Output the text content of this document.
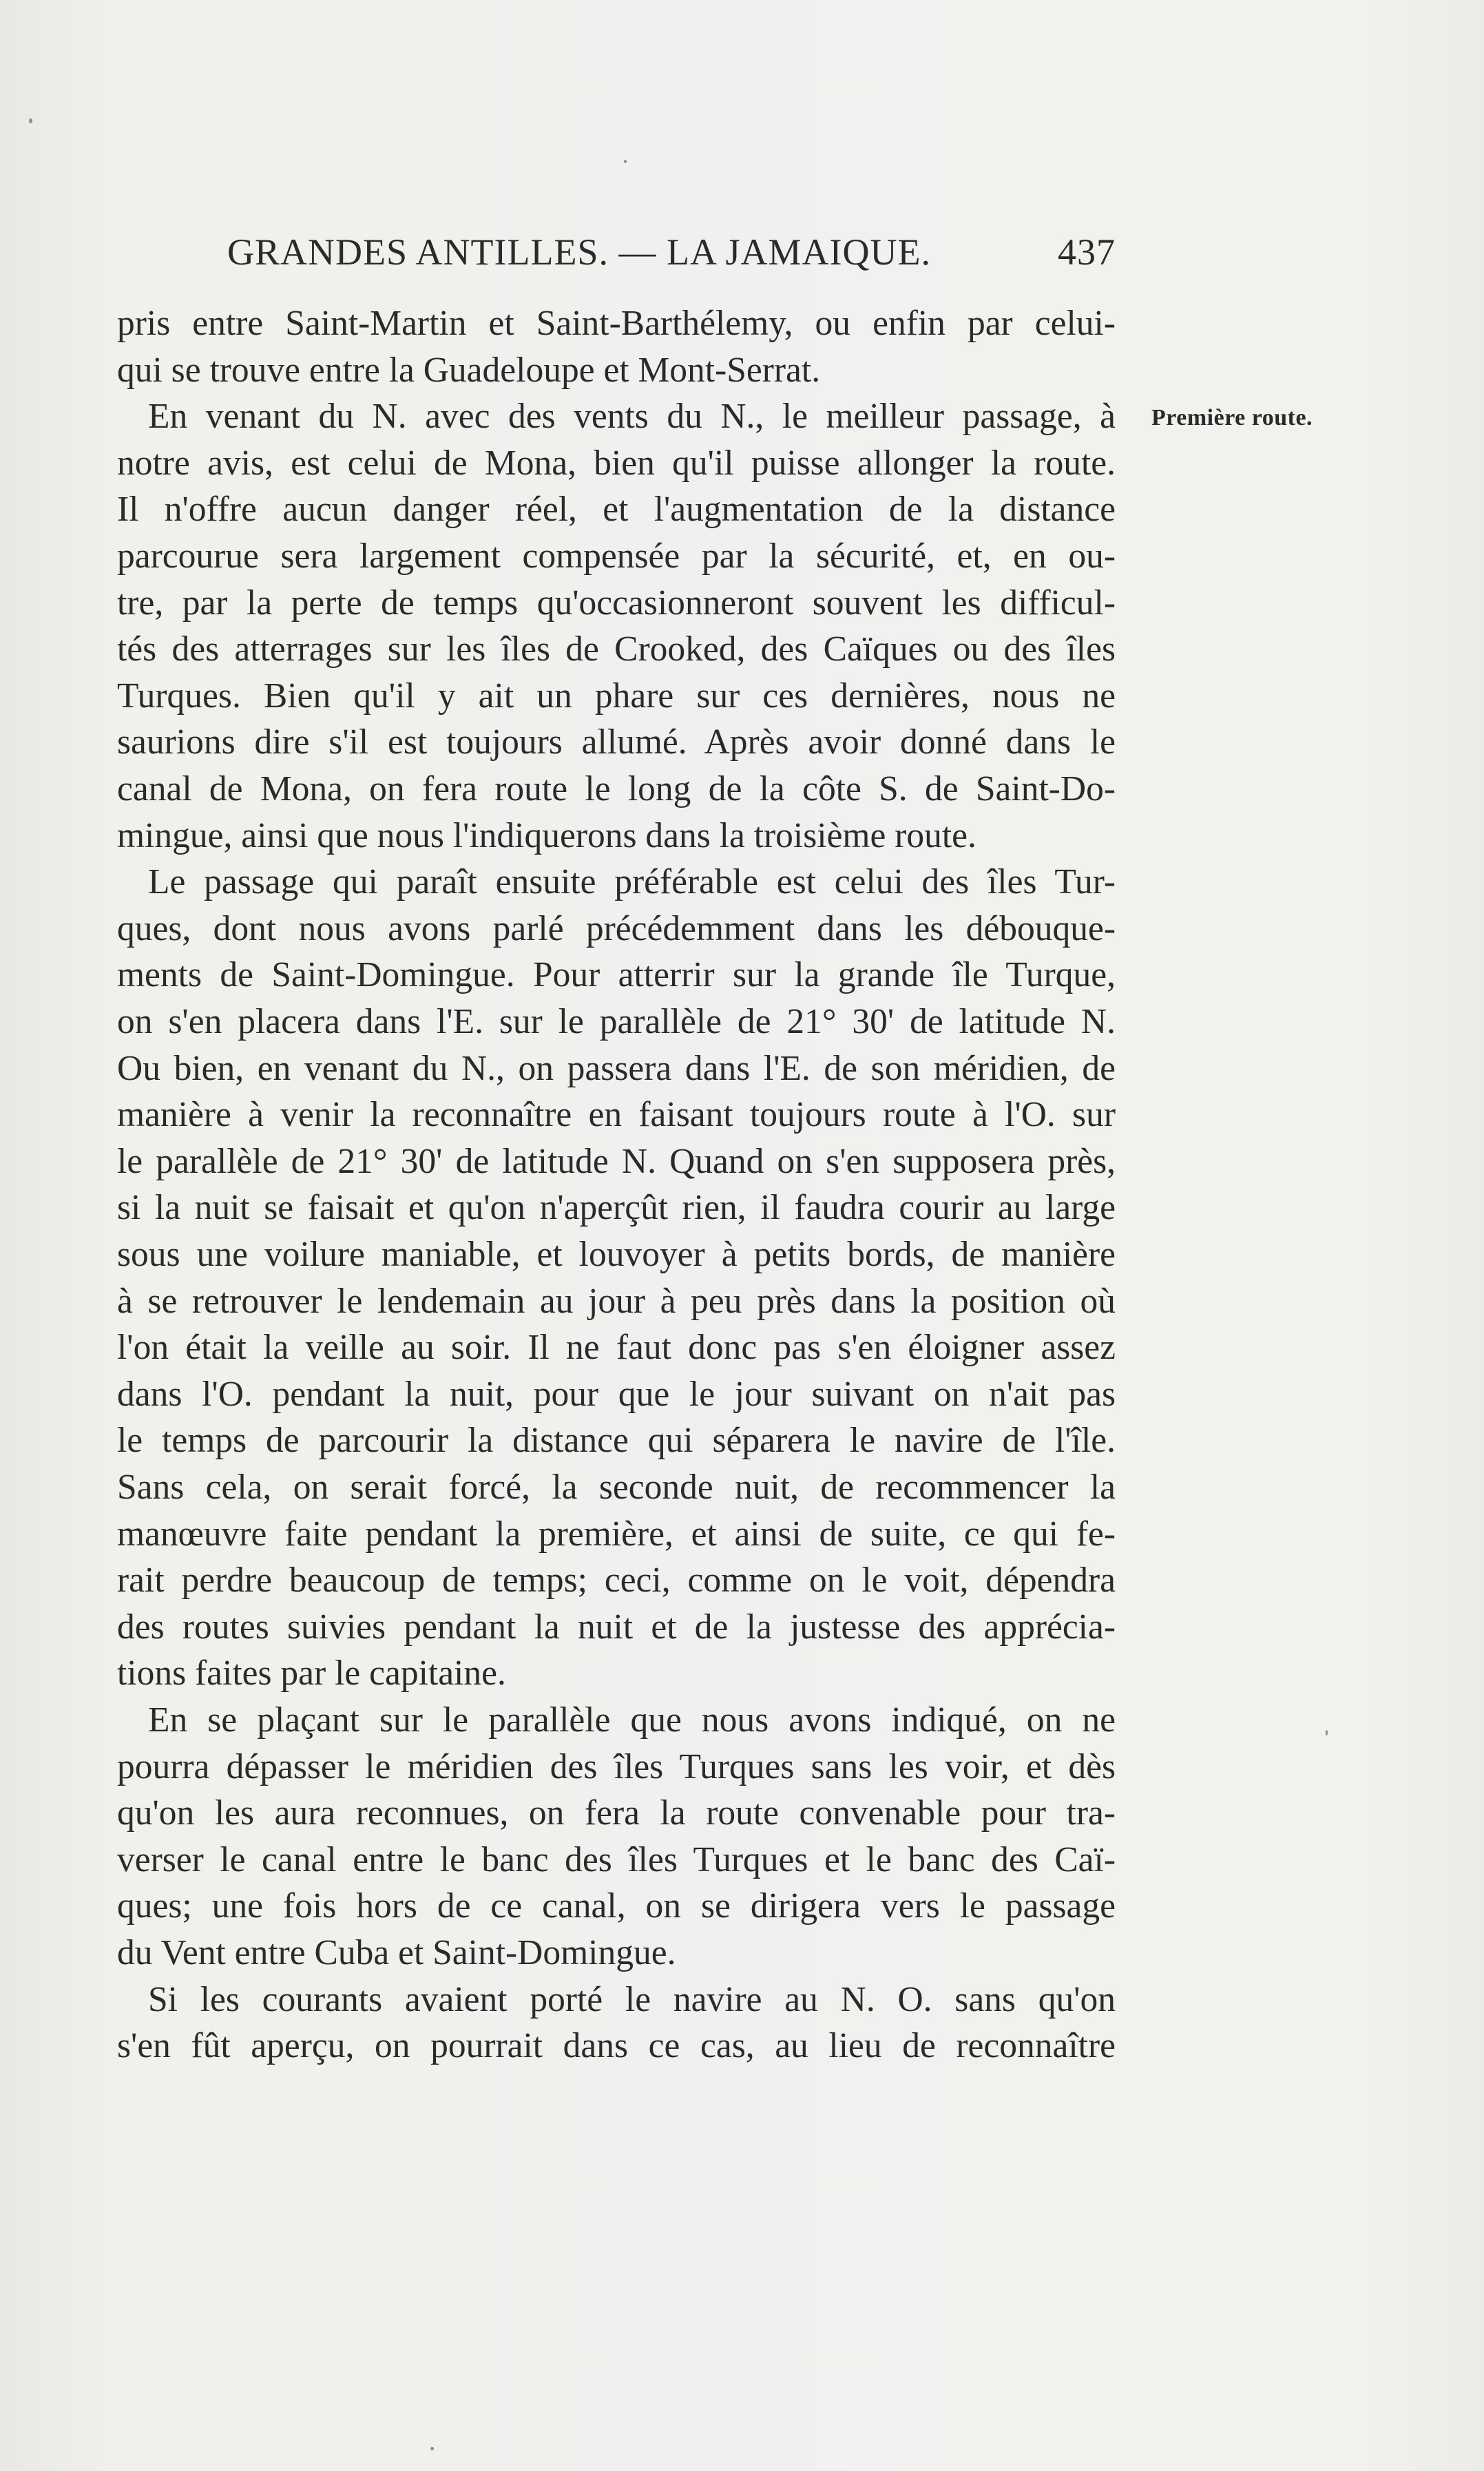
GRANDES ANTILLES. — LA JAMAIQUE.	437
Première route.
pris entre Saint-Martin et Saint-Barthélemy, ou enfin par celui-
qui se trouve entre la Guadeloupe et Mont-Serrat.
En venant du N. avec des vents du N., le meilleur passage, à
notre avis, est celui de Mona, bien qu'il puisse allonger la route.
Il n'offre aucun danger réel, et l'augmentation de la distance
parcourue sera largement compensée par la sécurité, et, en ou-
tre, par la perte de temps qu'occasionneront souvent les difficul-
tés des atterrages sur les îles de Crooked, des Caïques ou des îles
Turques. Bien qu'il y ait un phare sur ces dernières, nous ne
saurions dire s'il est toujours allumé. Après avoir donné dans le
canal de Mona, on fera route le long de la côte S. de Saint-Do-
mingue, ainsi que nous l'indiquerons dans la troisième route.
Le passage qui paraît ensuite préférable est celui des îles Tur-
ques, dont nous avons parlé précédemment dans les débouque-
ments de Saint-Domingue. Pour atterrir sur la grande île Turque,
on s'en placera dans l'E. sur le parallèle de 21° 30' de latitude N.
Ou bien, en venant du N., on passera dans l'E. de son méridien, de
manière à venir la reconnaître en faisant toujours route à l'O. sur
le parallèle de 21° 30' de latitude N. Quand on s'en supposera près,
si la nuit se faisait et qu'on n'aperçût rien, il faudra courir au large
sous une voilure maniable, et louvoyer à petits bords, de manière
à se retrouver le lendemain au jour à peu près dans la position où
l'on était la veille au soir. Il ne faut donc pas s'en éloigner assez
dans l'O. pendant la nuit, pour que le jour suivant on n'ait pas
le temps de parcourir la distance qui séparera le navire de l'île.
Sans cela, on serait forcé, la seconde nuit, de recommencer la
manœuvre faite pendant la première, et ainsi de suite, ce qui fe-
rait perdre beaucoup de temps; ceci, comme on le voit, dépendra
des routes suivies pendant la nuit et de la justesse des apprécia-
tions faites par le capitaine.
En se plaçant sur le parallèle que nous avons indiqué, on ne
pourra dépasser le méridien des îles Turques sans les voir, et dès
qu'on les aura reconnues, on fera la route convenable pour tra-
verser le canal entre le banc des îles Turques et le banc des Caï-
ques; une fois hors de ce canal, on se dirigera vers le passage
du Vent entre Cuba et Saint-Domingue.
Si les courants avaient porté le navire au N. O. sans qu'on
s'en fût aperçu, on pourrait dans ce cas, au lieu de reconnaître
